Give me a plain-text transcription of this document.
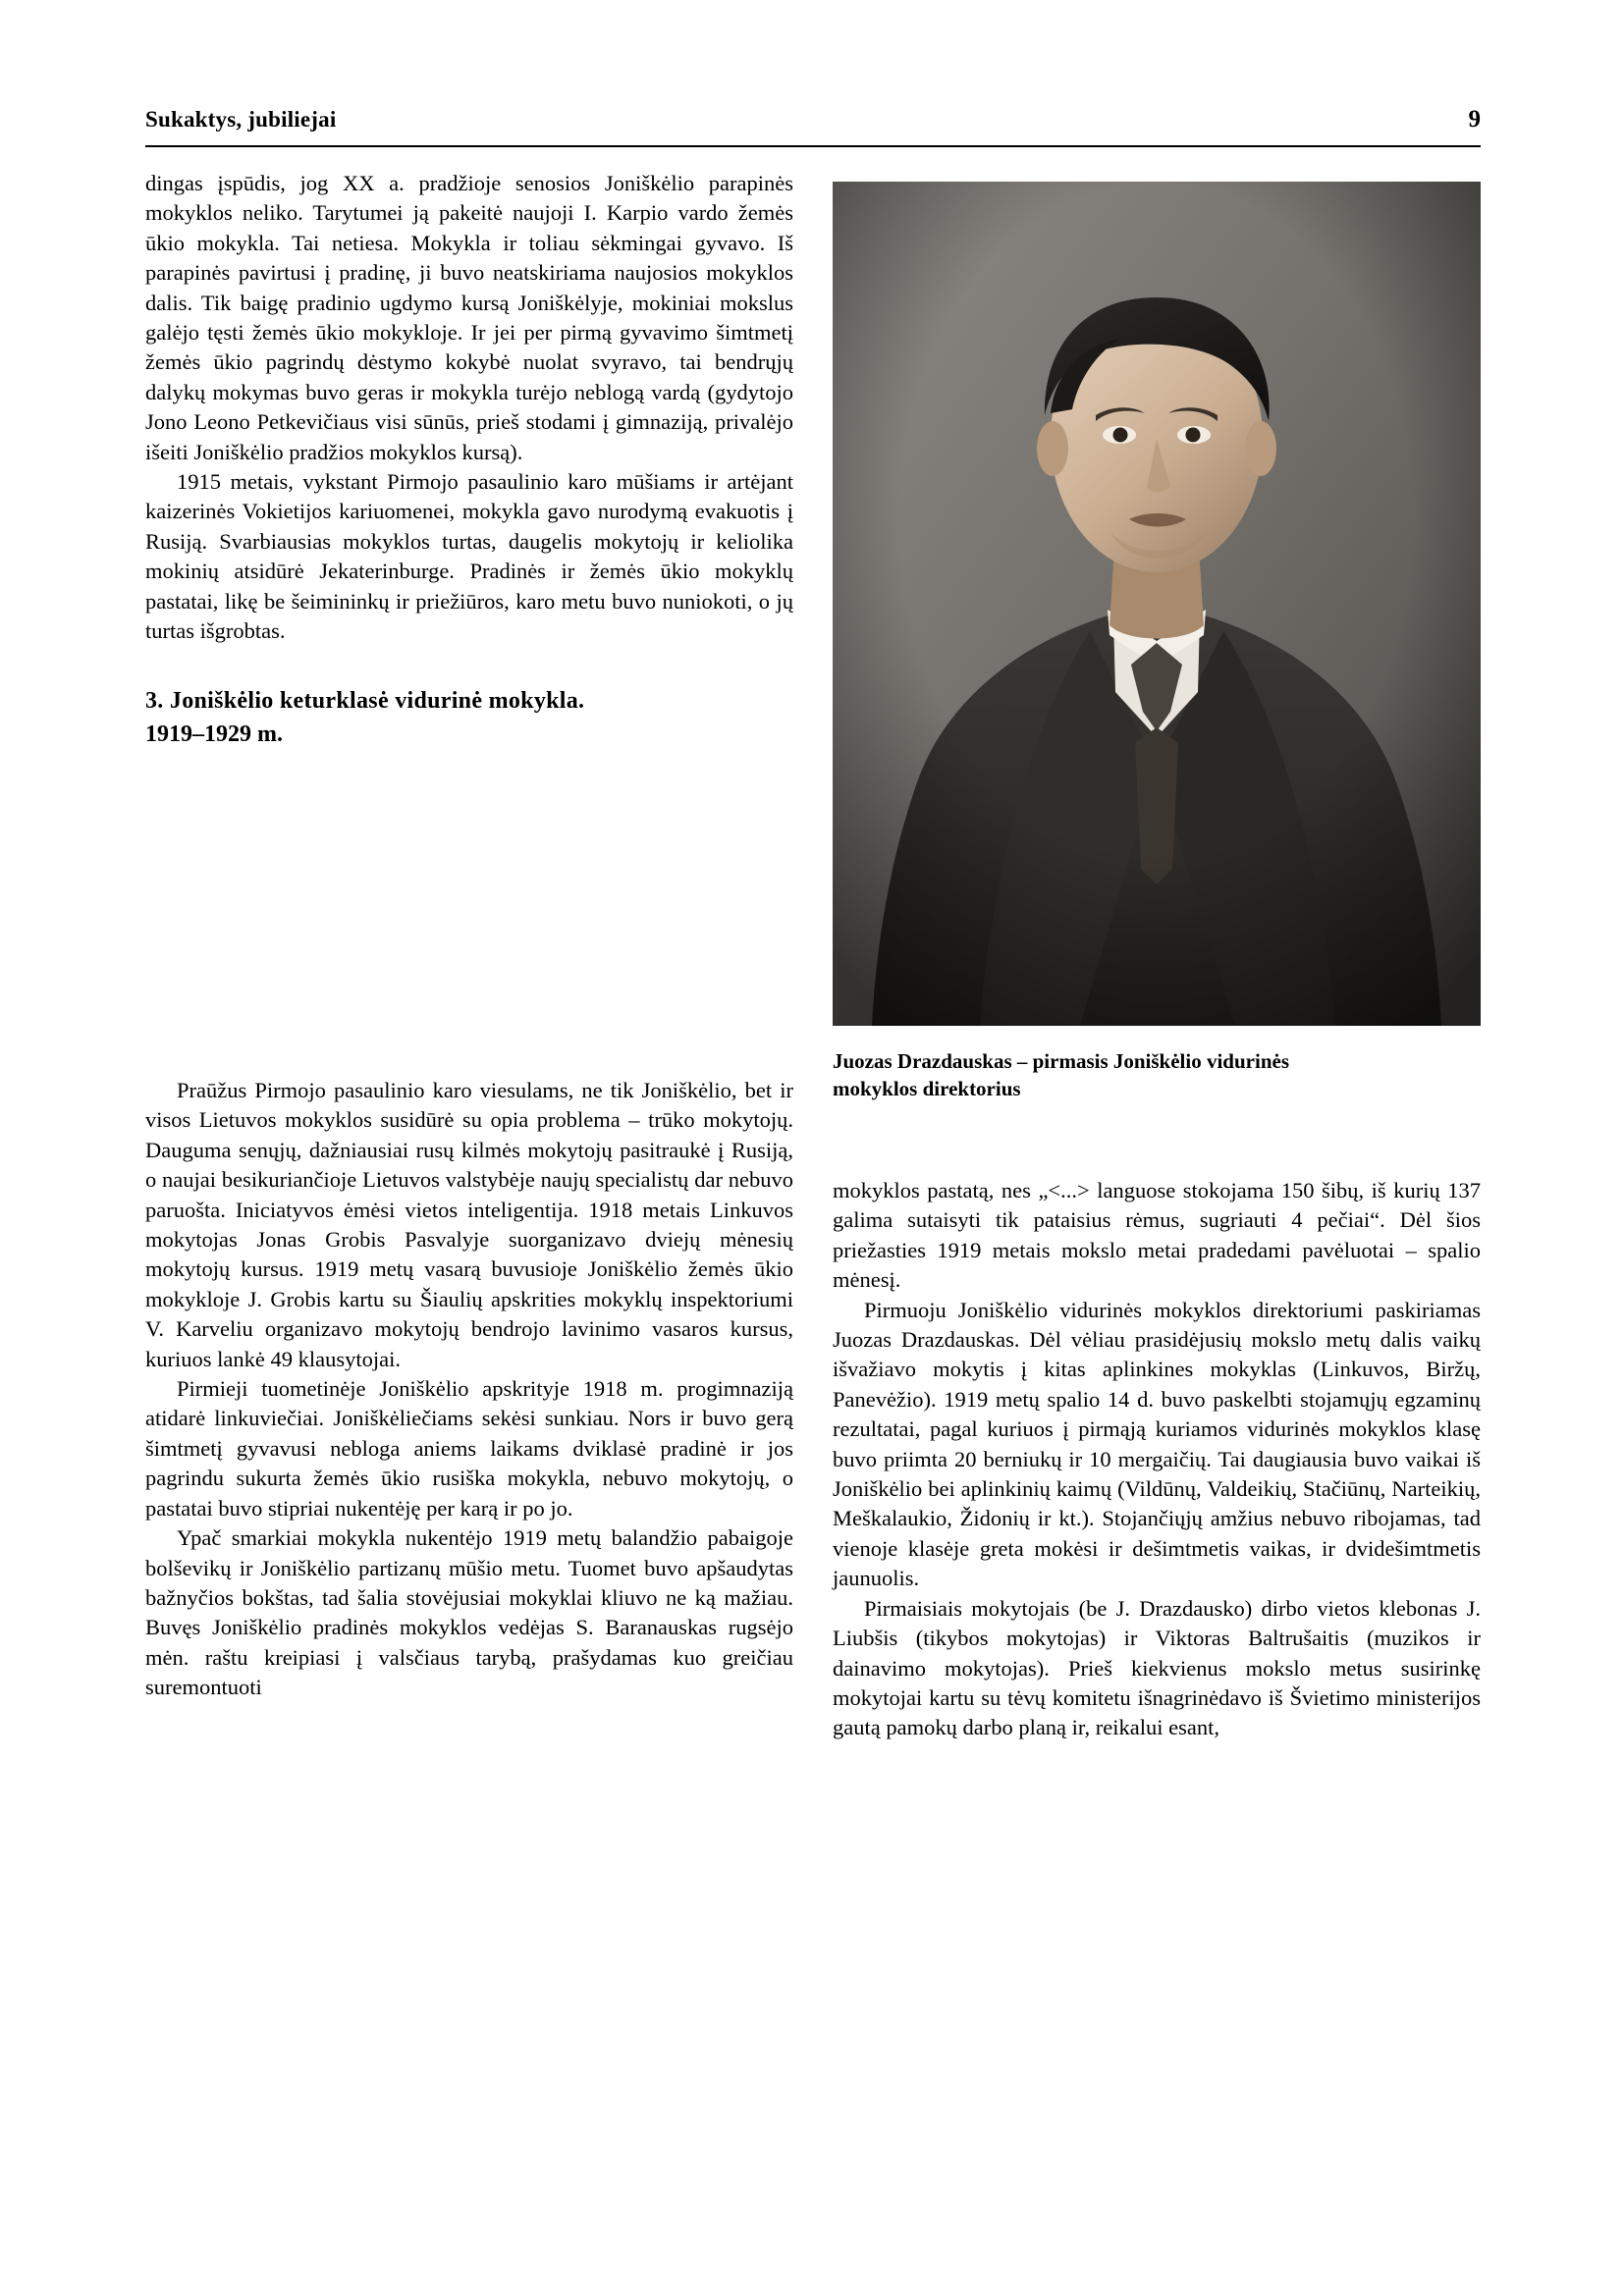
Sukaktys, jubiliejai	9

dingas įspūdis, jog XX a. pradžioje senosios Joniškėlio parapinės mokyklos neliko. Tarytumei ją pakeitė naujoji I. Karpio vardo žemės ūkio mokykla. Tai netiesa. Mokykla ir toliau sėkmingai gyvavo. Iš parapinės pavirtusi į pradinę, ji buvo neatskiriama naujosios mokyklos dalis. Tik baigę pradinio ugdymo kursą Joniškėlyje, mokiniai mokslus galėjo tęsti žemės ūkio mokykloje. Ir jei per pirmą gyvavimo šimtmetį žemės ūkio pagrindų dėstymo kokybė nuolat svyravo, tai bendrųjų dalykų mokymas buvo geras ir mokykla turėjo neblogą vardą (gydytojo Jono Leono Petkevičiaus visi sūnūs, prieš stodami į gimnaziją, privalėjo išeiti Joniškėlio pradžios mokyklos kursą).

1915 metais, vykstant Pirmojo pasaulinio karo mūšiams ir artėjant kaizerinės Vokietijos kariuomenei, mokykla gavo nurodymą evakuotis į Rusiją. Svarbiausias mokyklos turtas, daugelis mokytojų ir keliolika mokinių atsidūrė Jekaterinburge. Pradinės ir žemės ūkio mokyklų pastatai, likę be šeimininkų ir priežiūros, karo metu buvo nuniokoti, o jų turtas išgrobtas.

3. Joniškėlio keturklasė vidurinė mokykla.
1919–1929 m.

Praūžus Pirmojo pasaulinio karo viesulams, ne tik Joniškėlio, bet ir visos Lietuvos mokyklos susidūrė su opia problema – trūko mokytojų. Dauguma senųjų, dažniausiai rusų kilmės mokytojų pasitraukė į Rusiją, o naujai besikuriančioje Lietuvos valstybėje naujų specialistų dar nebuvo paruošta. Iniciatyvos ėmėsi vietos inteligentija. 1918 metais Linkuvos mokytojas Jonas Grobis Pasvalyje suorganizavo dviejų mėnesių mokytojų kursus. 1919 metų vasarą buvusioje Joniškėlio žemės ūkio mokykloje J. Grobis kartu su Šiaulių apskrities mokyklų inspektoriumi V. Karveliu organizavo mokytojų bendrojo lavinimo vasaros kursus, kuriuos lankė 49 klausytojai.

Pirmieji tuometinėje Joniškėlio apskrityje 1918 m. progimnaziją atidarė linkuviečiai. Joniškėliečiams sekėsi sunkiau. Nors ir buvo gerą šimtmetį gyvavusi nebloga aniems laikams dviklasė pradinė ir jos pagrindu sukurta žemės ūkio rusiška mokykla, nebuvo mokytojų, o pastatai buvo stipriai nukentėję per karą ir po jo.

Ypač smarkiai mokykla nukentėjo 1919 metų balandžio pabaigoje bolševikų ir Joniškėlio partizanų mūšio metu. Tuomet buvo apšaudytas bažnyčios bokštas, tad šalia stovėjusiai mokyklai kliuvo ne ką mažiau. Buvęs Joniškėlio pradinės mokyklos vedėjas S. Baranauskas rugsėjo mėn. raštu kreipiasi į valsčiaus tarybą, prašydamas kuo greičiau suremontuoti

Juozas Drazdauskas – pirmasis Joniškėlio vidurinės
mokyklos direktorius

mokyklos pastatą, nes „<...> languose stokojama 150 šibų, iš kurių 137 galima sutaisyti tik pataisius rėmus, sugriauti 4 pečiai“. Dėl šios priežasties 1919 metais mokslo metai pradedami pavėluotai – spalio mėnesį.

Pirmuoju Joniškėlio vidurinės mokyklos direktoriumi paskiriamas Juozas Drazdauskas. Dėl vėliau prasidėjusių mokslo metų dalis vaikų išvažiavo mokytis į kitas aplinkines mokyklas (Linkuvos, Biržų, Panevėžio). 1919 metų spalio 14 d. buvo paskelbti stojamųjų egzaminų rezultatai, pagal kuriuos į pirmąją kuriamos vidurinės mokyklos klasę buvo priimta 20 berniukų ir 10 mergaičių. Tai daugiausia buvo vaikai iš Joniškėlio bei aplinkinių kaimų (Vildūnų, Valdeikių, Stačiūnų, Narteikių, Meškalaukio, Židonių ir kt.). Stojančiųjų amžius nebuvo ribojamas, tad vienoje klasėje greta mokėsi ir dešimtmetis vaikas, ir dvidešimtmetis jaunuolis.

Pirmaisiais mokytojais (be J. Drazdausko) dirbo vietos klebonas J. Liubšis (tikybos mokytojas) ir Viktoras Baltrušaitis (muzikos ir dainavimo mokytojas). Prieš kiekvienus mokslo metus susirinkę mokytojai kartu su tėvų komitetu išnagrinėdavo iš Švietimo ministerijos gautą pamokų darbo planą ir, reikalui esant,
